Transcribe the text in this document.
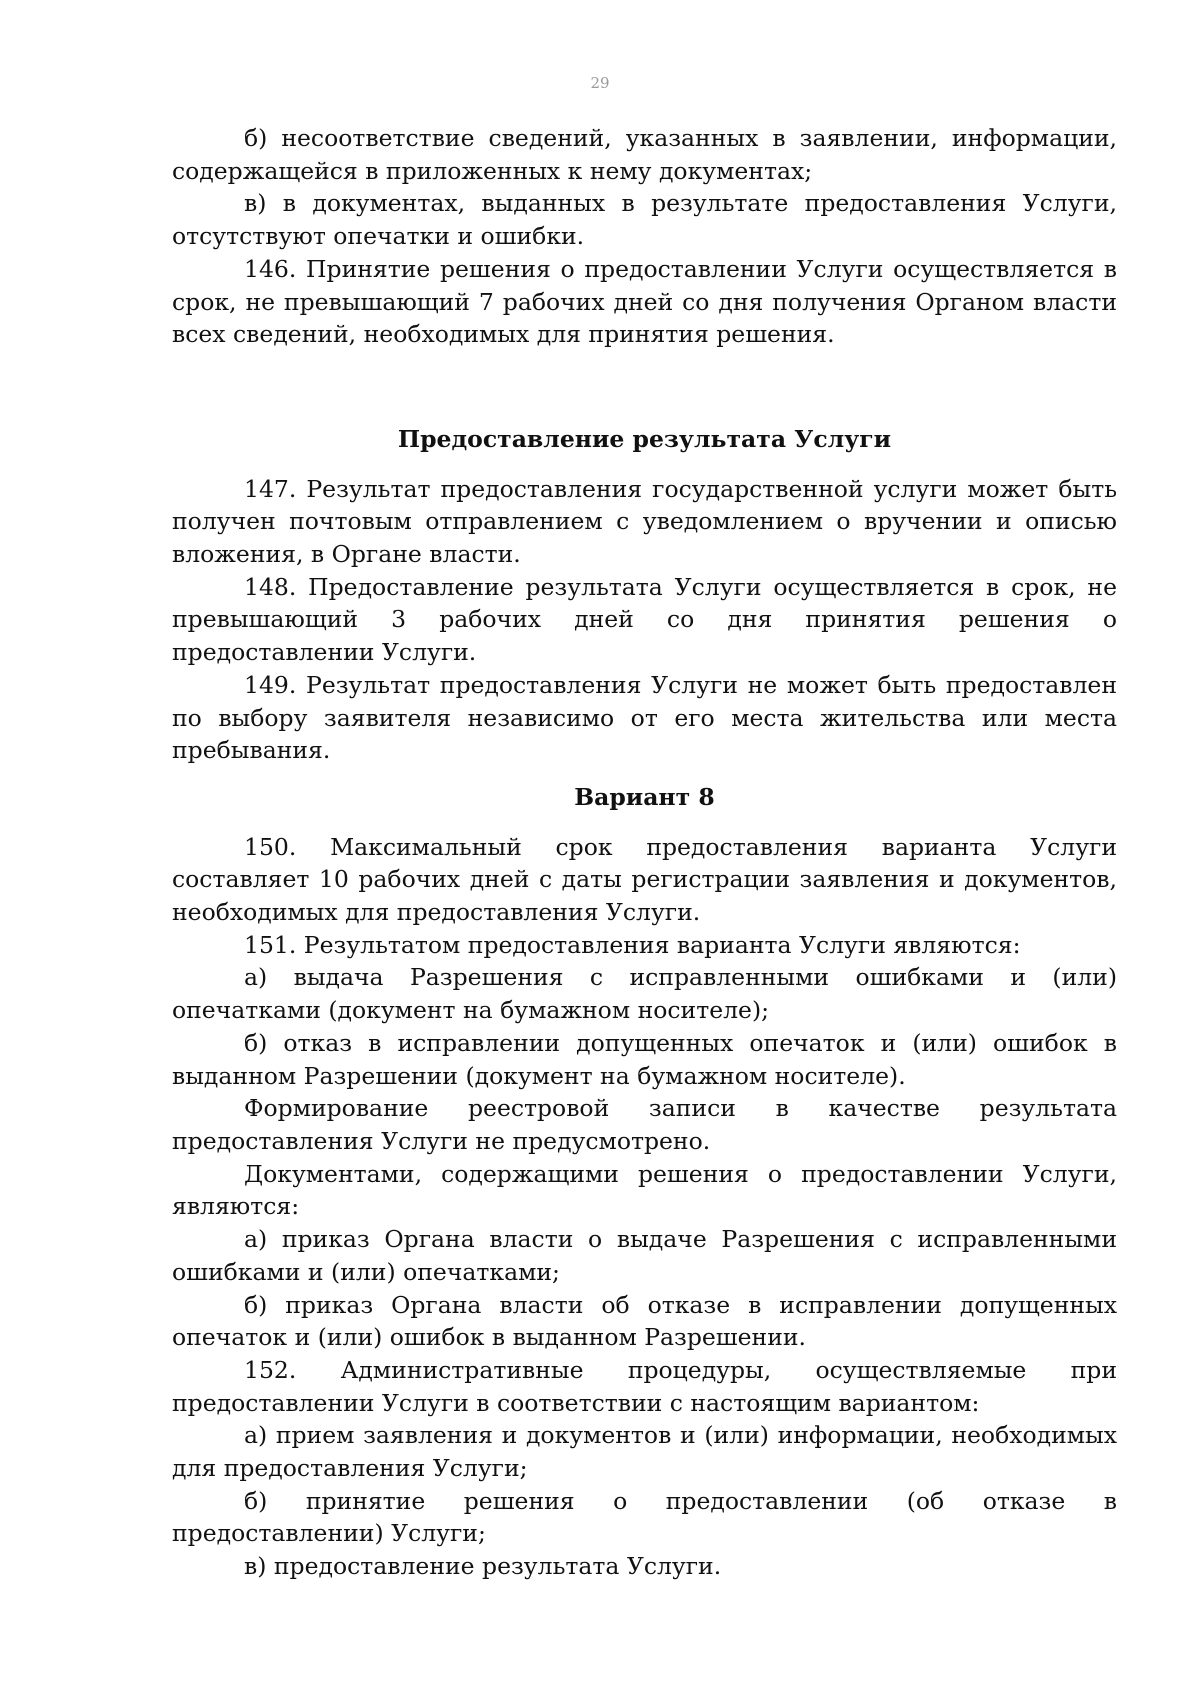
29

б) несоответствие сведений, указанных в заявлении, информации, содержащейся в приложенных к нему документах;

в) в документах, выданных в результате предоставления Услуги, отсутствуют опечатки и ошибки.

146. Принятие решения о предоставлении Услуги осуществляется в срок, не превышающий 7 рабочих дней со дня получения Органом власти всех сведений, необходимых для принятия решения.

Предоставление результата Услуги

147. Результат предоставления государственной услуги может быть получен почтовым отправлением с уведомлением о вручении и описью вложения, в Органе власти.

148. Предоставление результата Услуги осуществляется в срок, не превышающий 3 рабочих дней со дня принятия решения о предоставлении Услуги.

149. Результат предоставления Услуги не может быть предоставлен по выбору заявителя независимо от его места жительства или места пребывания.

Вариант 8

150. Максимальный срок предоставления варианта Услуги составляет 10 рабочих дней с даты регистрации заявления и документов, необходимых для предоставления Услуги.

151. Результатом предоставления варианта Услуги являются:

а) выдача Разрешения с исправленными ошибками и (или) опечатками (документ на бумажном носителе);

б) отказ в исправлении допущенных опечаток и (или) ошибок в выданном Разрешении (документ на бумажном носителе).

Формирование реестровой записи в качестве результата предоставления Услуги не предусмотрено.

Документами, содержащими решения о предоставлении Услуги, являются:

а) приказ Органа власти о выдаче Разрешения с исправленными ошибками и (или) опечатками;

б) приказ Органа власти об отказе в исправлении допущенных опечаток и (или) ошибок в выданном Разрешении.

152. Административные процедуры, осуществляемые при предоставлении Услуги в соответствии с настоящим вариантом:

а) прием заявления и документов и (или) информации, необходимых для предоставления Услуги;

б) принятие решения о предоставлении (об отказе в предоставлении) Услуги;

в) предоставление результата Услуги.
